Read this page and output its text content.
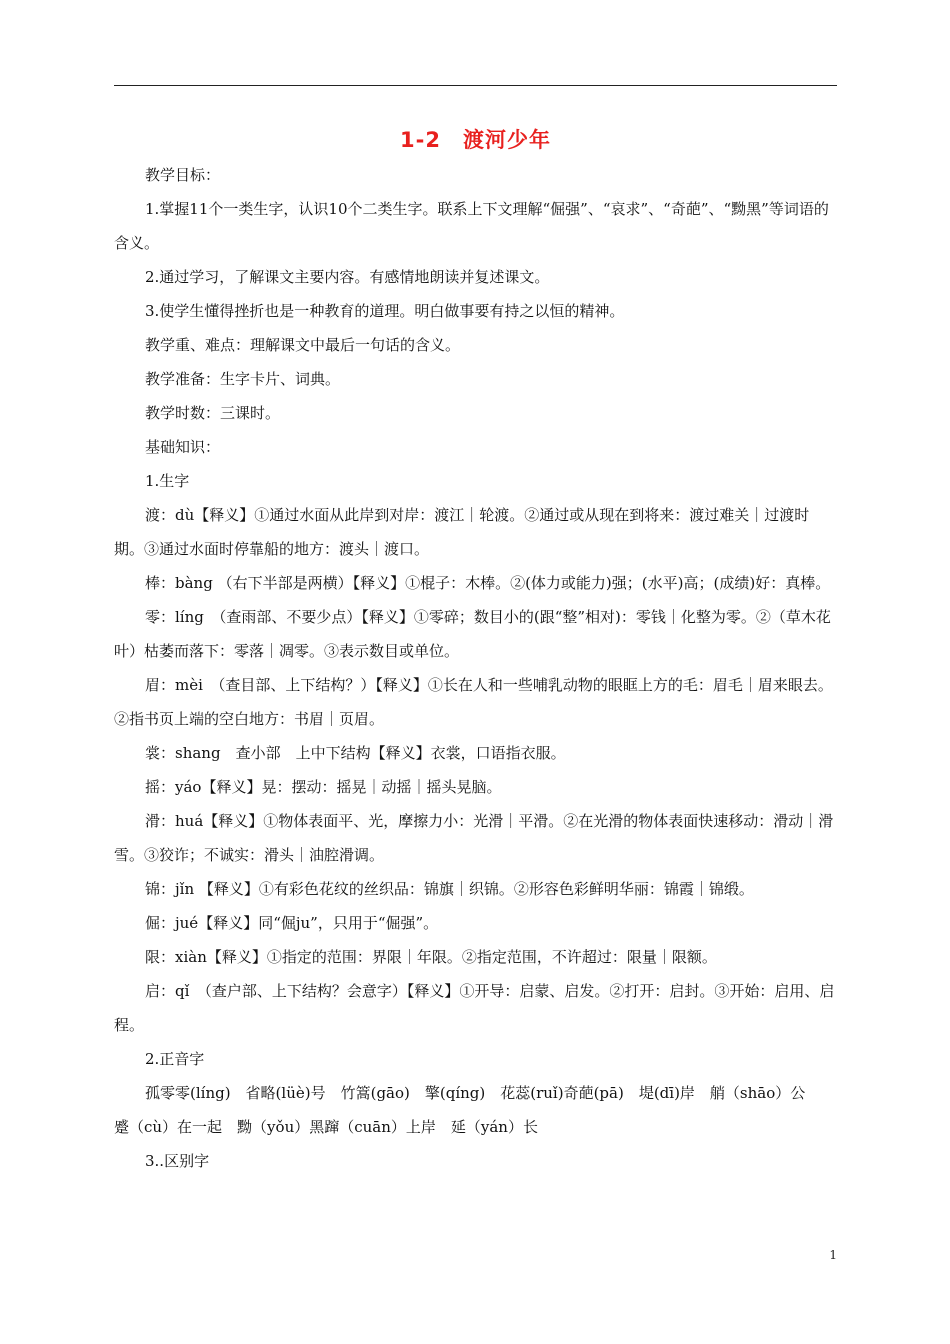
1-2　渡河少年

教学目标：

1.掌握11个一类生字，认识10个二类生字。联系上下文理解“倔强”、“哀求”、“奇葩”、“黝黑”等词语的含义。

2.通过学习，了解课文主要内容。有感情地朗读并复述课文。

3.使学生懂得挫折也是一种教育的道理。明白做事要有持之以恒的精神。

教学重、难点：理解课文中最后一句话的含义。

教学准备：生字卡片、词典。

教学时数：三课时。

基础知识：

1.生字

渡：dù【释义】①通过水面从此岸到对岸：渡江｜轮渡。②通过或从现在到将来：渡过难关｜过渡时期。③通过水面时停靠船的地方：渡头｜渡口。

棒：bàng （右下半部是两横）【释义】①棍子：木棒。②(体力或能力)强；(水平)高；(成绩)好：真棒。

零：líng　（查雨部、不要少点）【释义】①零碎；数目小的(跟“整”相对)：零钱｜化整为零。②（草木花叶）枯萎而落下：零落｜凋零。③表示数目或单位。

眉：mèi　（查目部、上下结构？）【释义】①长在人和一些哺乳动物的眼眶上方的毛：眉毛｜眉来眼去。②指书页上端的空白地方：书眉｜页眉。

裳：shang　查小部　上中下结构【释义】衣裳，口语指衣服。

摇：yáo【释义】晃：摆动：摇晃｜动摇｜摇头晃脑。

滑：huá【释义】①物体表面平、光，摩擦力小：光滑｜平滑。②在光滑的物体表面快速移动：滑动｜滑雪。③狡诈；不诚实：滑头｜油腔滑调。

锦：jǐn 【释义】①有彩色花纹的丝织品：锦旗｜织锦。②形容色彩鲜明华丽：锦霞｜锦缎。

倔：jué【释义】同“倔ju”，只用于“倔强”。

限：xiàn【释义】①指定的范围：界限｜年限。②指定范围，不许超过：限量｜限额。

启：qǐ　（查户部、上下结构？会意字）【释义】①开导：启蒙、启发。②打开：启封。③开始：启用、启程。

2.正音字

孤零零(líng)　省略(lüè)号　竹篙(gāo)　擎(qíng)　花蕊(ruǐ)奇葩(pā)　堤(dī)岸　艄（shāo）公　 蹙（cù）在一起　黝（yǒu）黑蹿（cuān）上岸　延（yán）长

3..区别字

1
